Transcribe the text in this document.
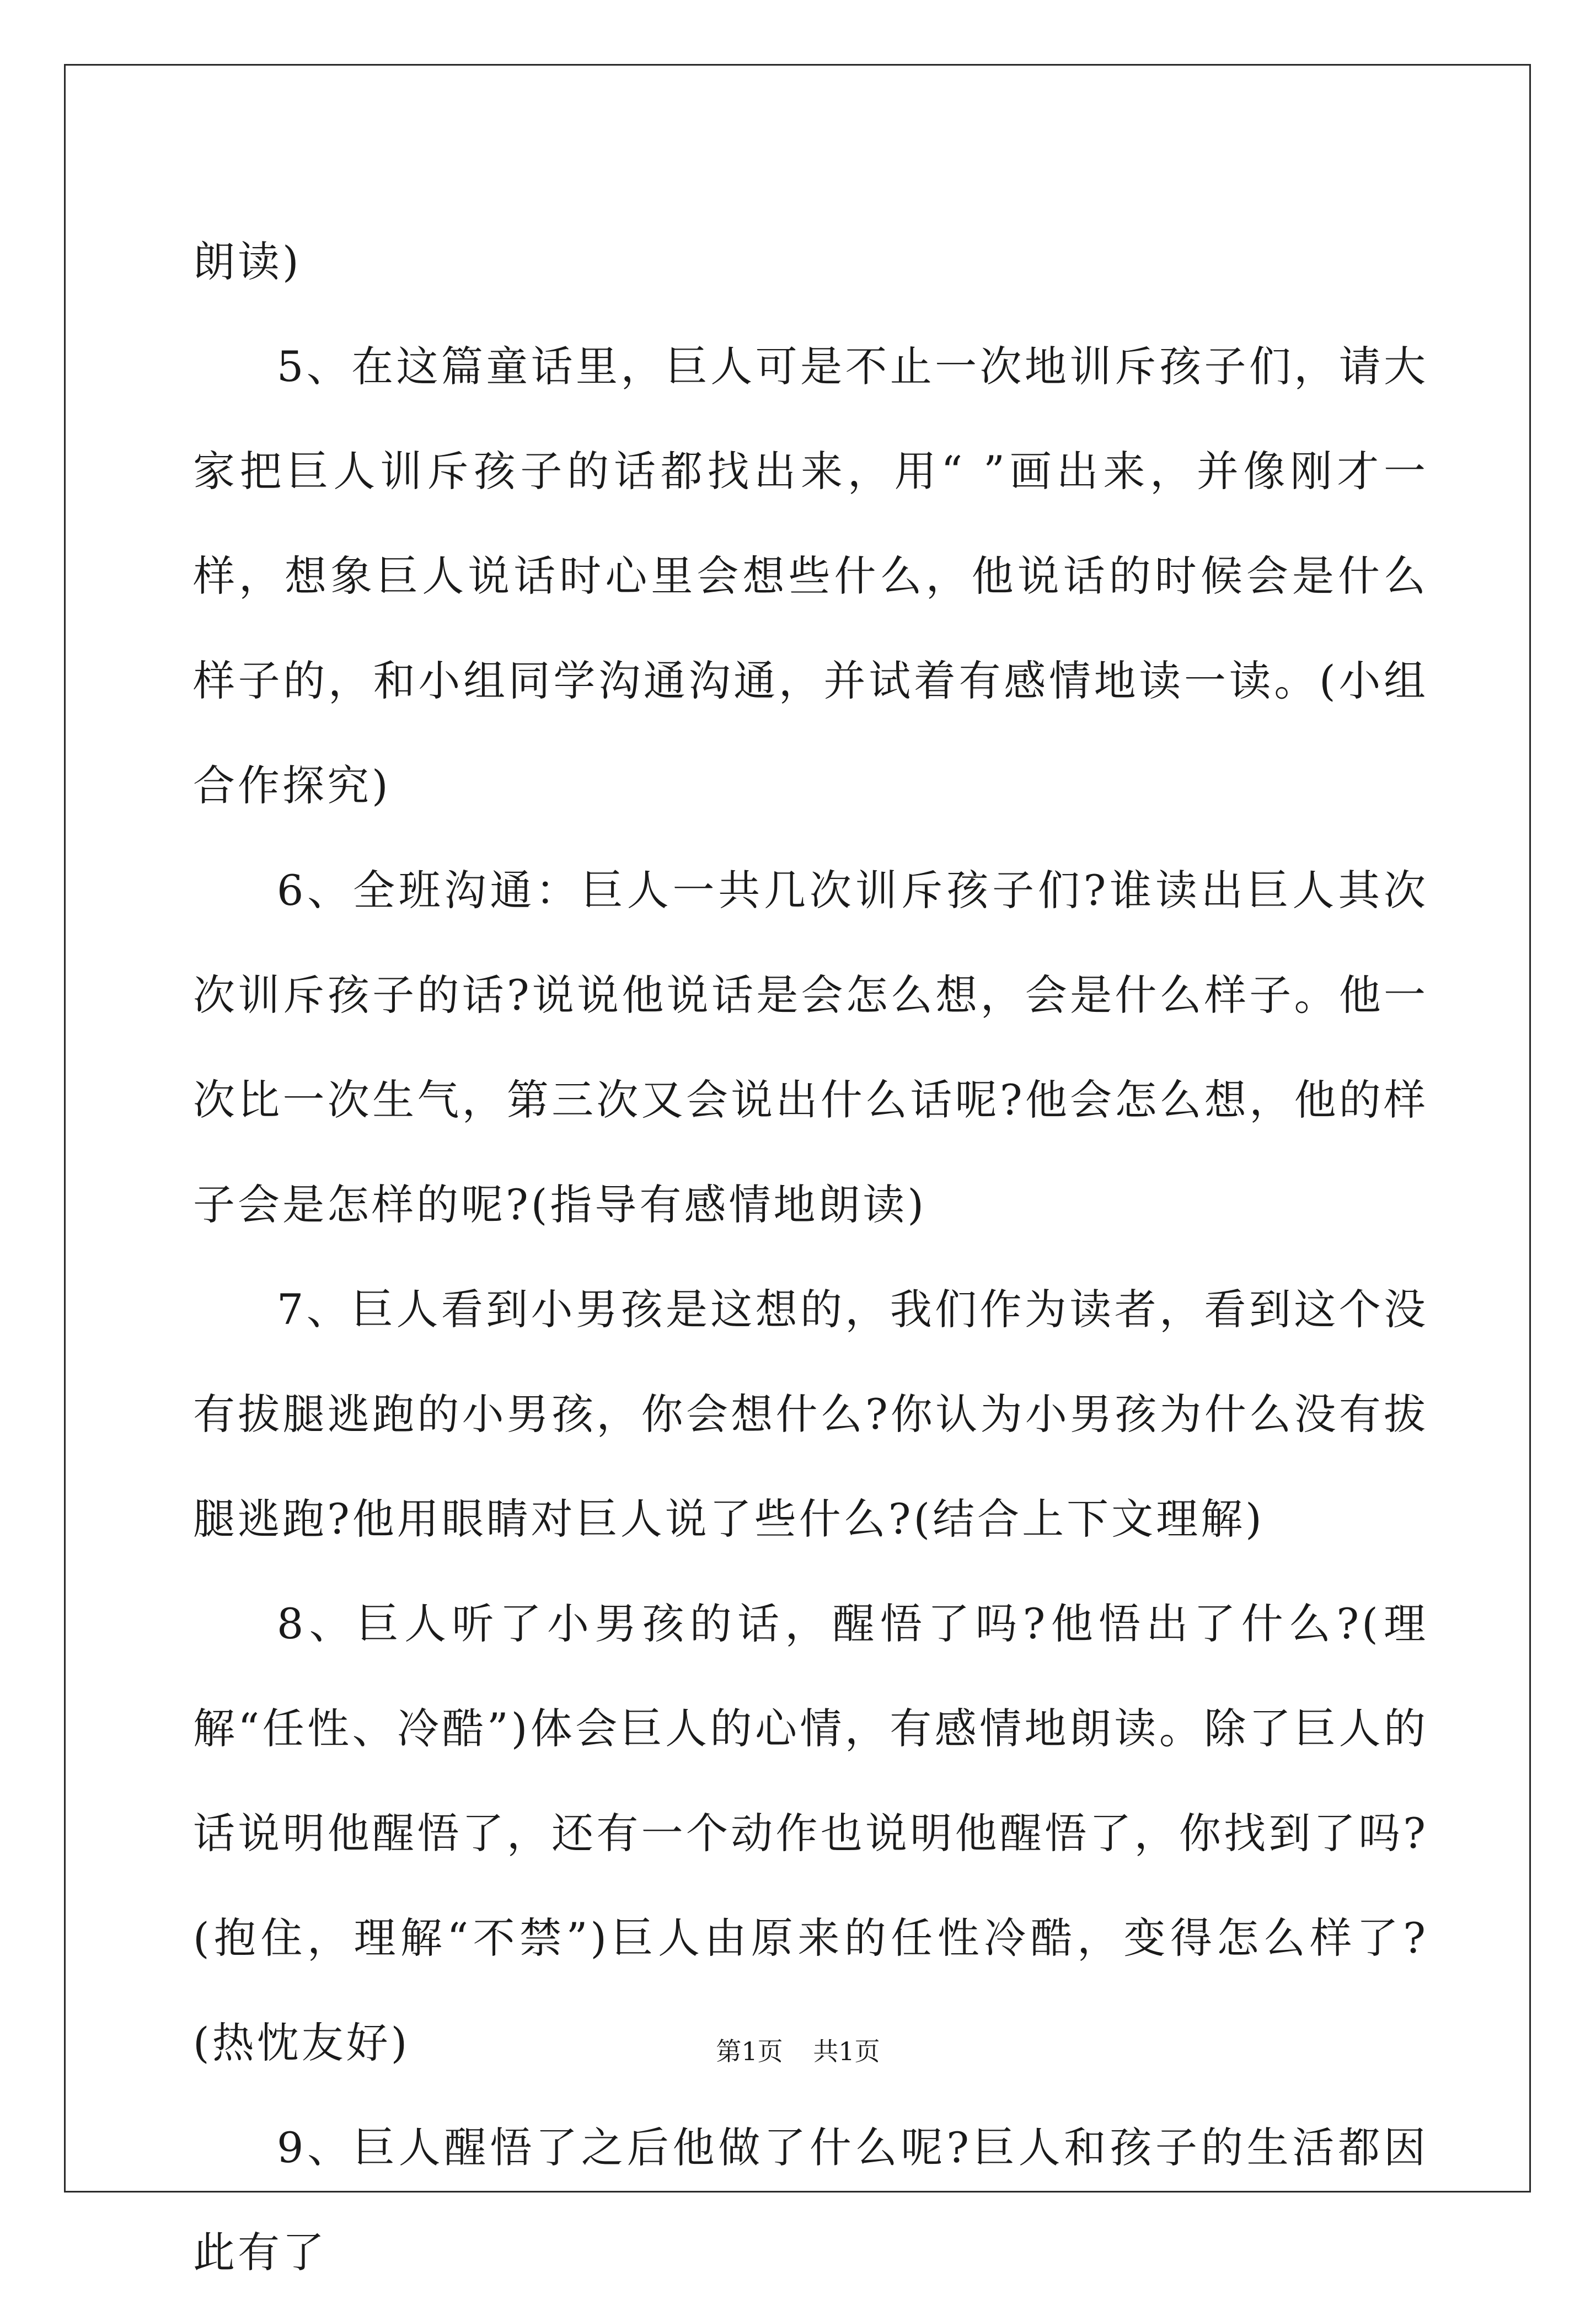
朗读)

5、在这篇童话里，巨人可是不止一次地训斥孩子们，请大家把巨人训斥孩子的话都找出来，用“ ”画出来，并像刚才一样，想象巨人说话时心里会想些什么，他说话的时候会是什么样子的，和小组同学沟通沟通，并试着有感情地读一读。(小组合作探究)

6、全班沟通：巨人一共几次训斥孩子们?谁读出巨人其次次训斥孩子的话?说说他说话是会怎么想，会是什么样子。他一次比一次生气，第三次又会说出什么话呢?他会怎么想，他的样子会是怎样的呢?(指导有感情地朗读)

7、巨人看到小男孩是这想的，我们作为读者，看到这个没有拔腿逃跑的小男孩，你会想什么?你认为小男孩为什么没有拔腿逃跑?他用眼睛对巨人说了些什么?(结合上下文理解)

8、巨人听了小男孩的话，醒悟了吗?他悟出了什么?(理解“任性、冷酷”)体会巨人的心情，有感情地朗读。除了巨人的话说明他醒悟了，还有一个动作也说明他醒悟了，你找到了吗?(抱住，理解“不禁”)巨人由原来的任性冷酷，变得怎么样了?(热忱友好)

9、巨人醒悟了之后他做了什么呢?巨人和孩子的生活都因此有了

第1页 共1页
